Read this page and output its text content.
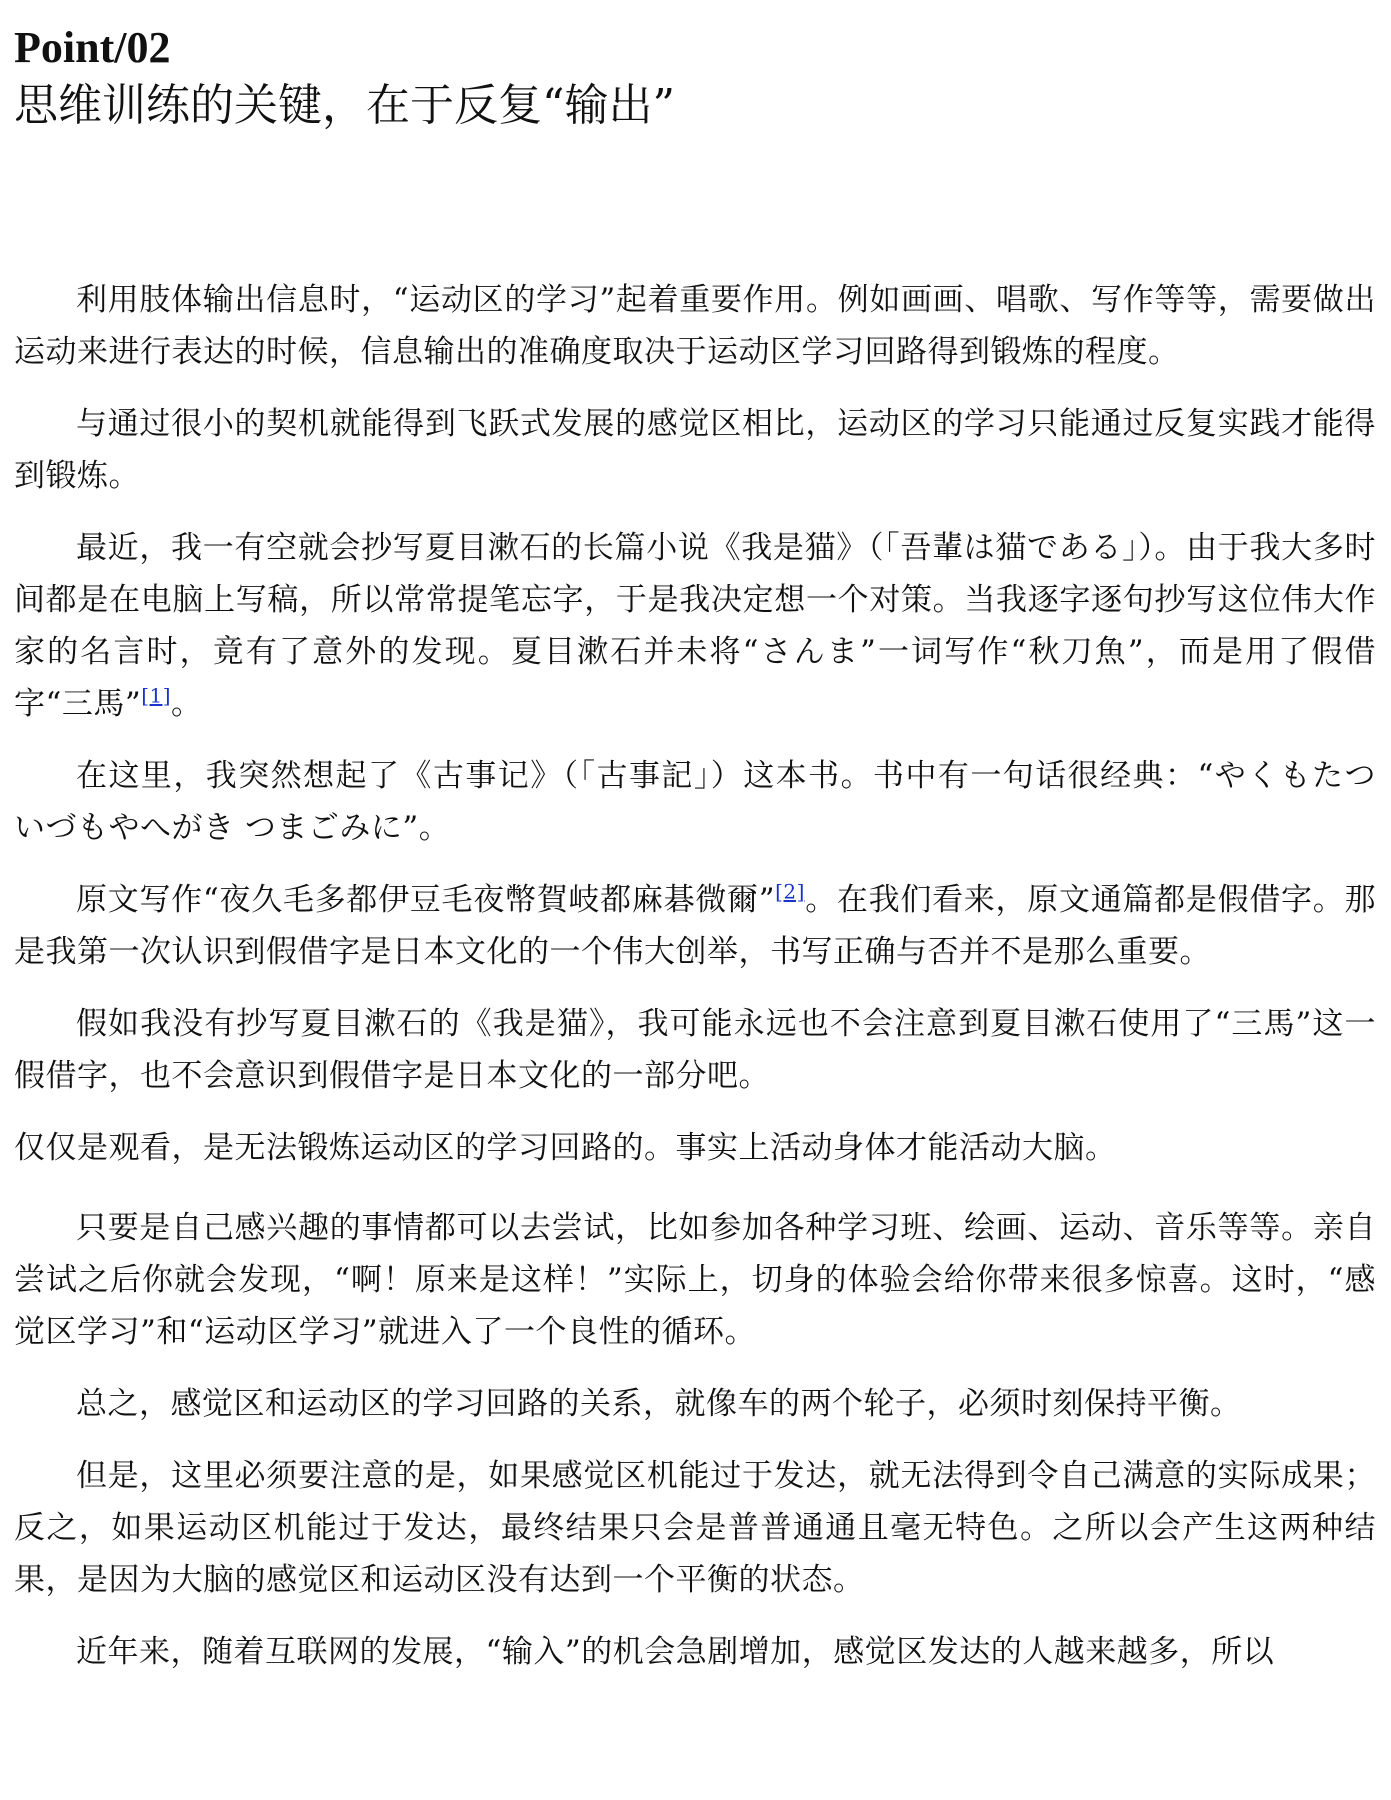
Point/02
思维训练的关键，在于反复“输出”

利用肢体输出信息时，“运动区的学习”起着重要作用。例如画画、唱歌、写作等等，需要做出运动来进行表达的时候，信息输出的准确度取决于运动区学习回路得到锻炼的程度。

与通过很小的契机就能得到飞跃式发展的感觉区相比，运动区的学习只能通过反复实践才能得到锻炼。

最近，我一有空就会抄写夏目漱石的长篇小说《我是猫》（「吾輩は猫である」）。由于我大多时间都是在电脑上写稿，所以常常提笔忘字，于是我决定想一个对策。当我逐字逐句抄写这位伟大作家的名言时，竟有了意外的发现。夏目漱石并未将“さんま”一词写作“秋刀魚”，而是用了假借字“三馬”[1]。

在这里，我突然想起了《古事记》（「古事記」）这本书。书中有一句话很经典：“やくもたつ いづもやへがき つまごみに”。

原文写作“夜久毛多都伊豆毛夜幣賀岐都麻碁微爾”[2]。在我们看来，原文通篇都是假借字。那是我第一次认识到假借字是日本文化的一个伟大创举，书写正确与否并不是那么重要。

假如我没有抄写夏目漱石的《我是猫》，我可能永远也不会注意到夏目漱石使用了“三馬”这一假借字，也不会意识到假借字是日本文化的一部分吧。

仅仅是观看，是无法锻炼运动区的学习回路的。事实上活动身体才能活动大脑。

只要是自己感兴趣的事情都可以去尝试，比如参加各种学习班、绘画、运动、音乐等等。亲自尝试之后你就会发现，“啊！原来是这样！”实际上，切身的体验会给你带来很多惊喜。这时，“感觉区学习”和“运动区学习”就进入了一个良性的循环。

总之，感觉区和运动区的学习回路的关系，就像车的两个轮子，必须时刻保持平衡。

但是，这里必须要注意的是，如果感觉区机能过于发达，就无法得到令自己满意的实际成果；反之，如果运动区机能过于发达，最终结果只会是普普通通且毫无特色。之所以会产生这两种结果，是因为大脑的感觉区和运动区没有达到一个平衡的状态。

近年来，随着互联网的发展，“输入”的机会急剧增加，感觉区发达的人越来越多，所以
